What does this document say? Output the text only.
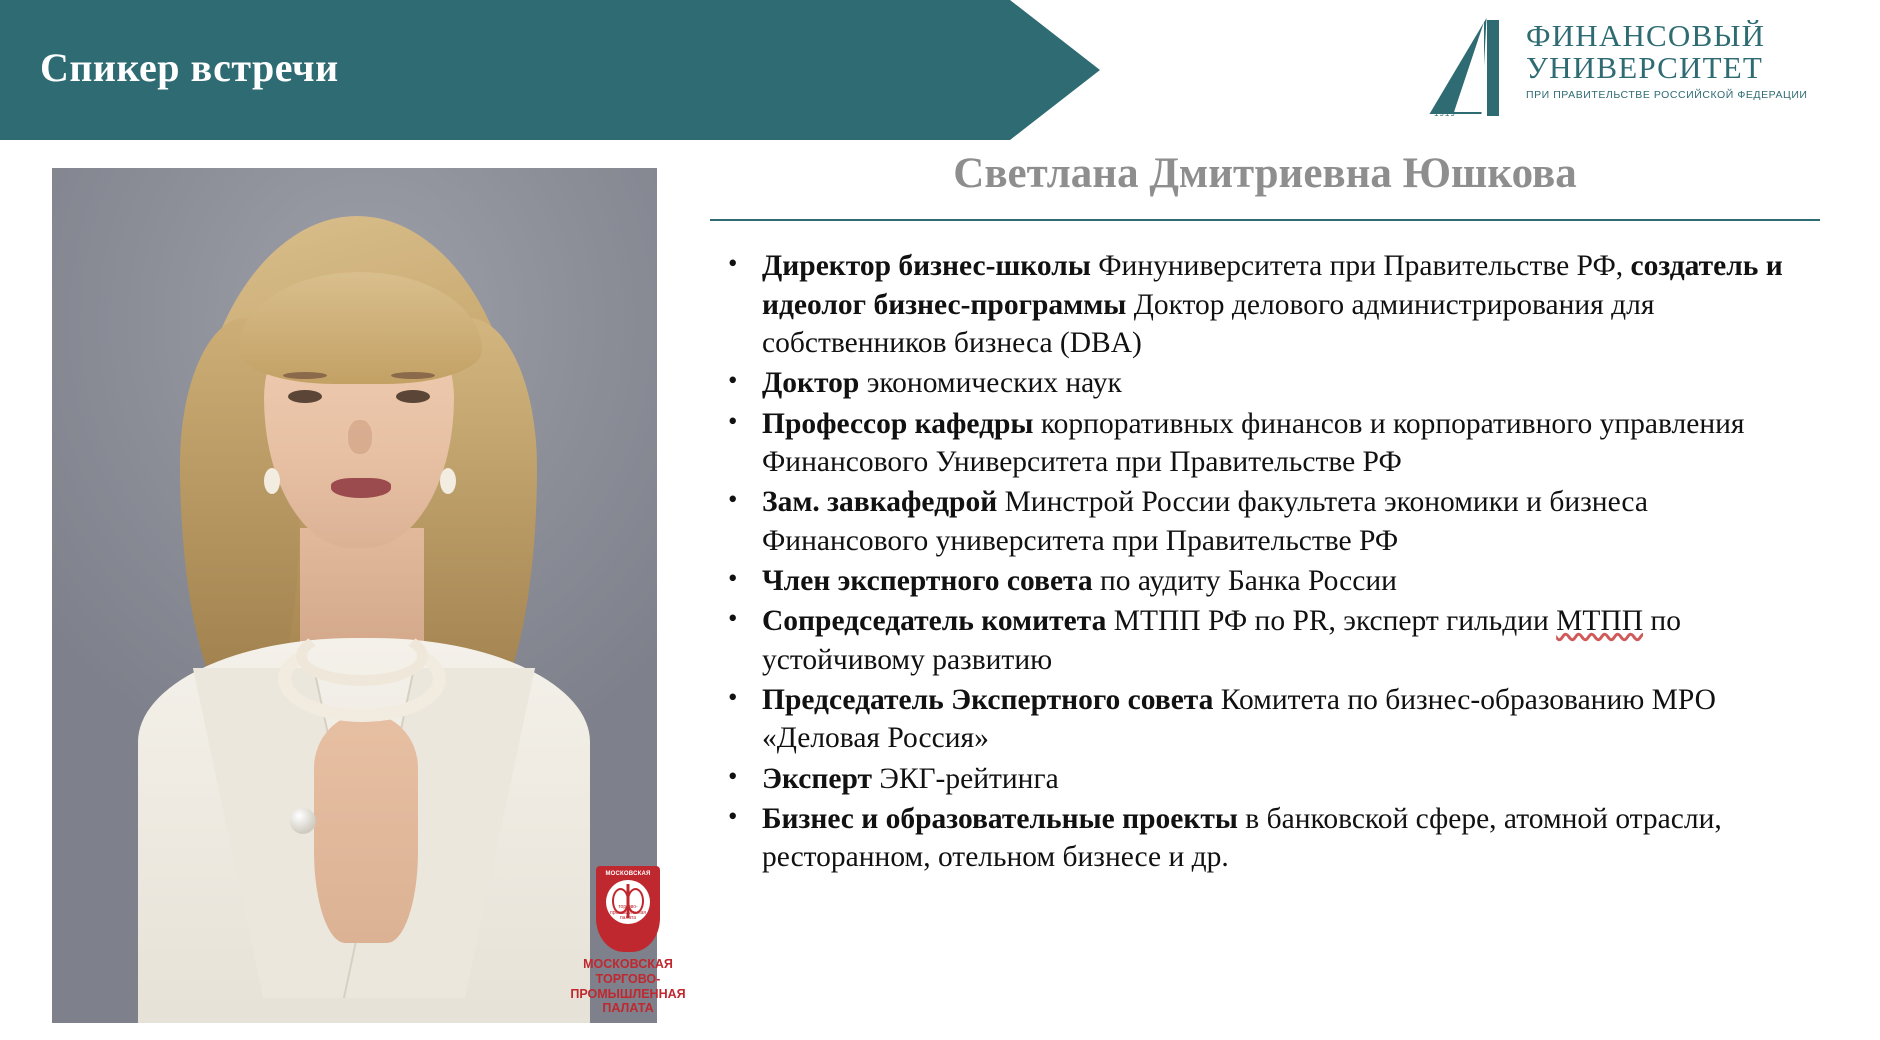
Спикер встречи
1919
ФИНАНСОВЫЙ
УНИВЕРСИТЕТ
ПРИ ПРАВИТЕЛЬСТВЕ РОССИЙСКОЙ ФЕДЕРАЦИИ
МОСКОВСКАЯ
торгово-
промышленная
палата
МОСКОВСКАЯ
ТОРГОВО-ПРОМЫШЛЕННАЯ
ПАЛАТА
Светлана Дмитриевна Юшкова
• Директор бизнес-школы Финуниверситета при Правительстве РФ, создатель и идеолог бизнес-программы Доктор делового администрирования для собственников бизнеса (DBA)
• Доктор экономических наук
• Профессор кафедры корпоративных финансов и корпоративного управления Финансового Университета при Правительстве РФ
• Зам. завкафедрой Минстрой России факультета экономики и бизнеса Финансового университета при Правительстве РФ
• Член экспертного совета по аудиту Банка России
• Сопредседатель комитета МТПП РФ по PR, эксперт гильдии МТПП по устойчивому развитию
• Председатель Экспертного совета Комитета по бизнес-образованию МРО «Деловая Россия»
• Эксперт ЭКГ-рейтинга
• Бизнес и образовательные проекты в банковской сфере, атомной отрасли, ресторанном, отельном бизнесе и др.
